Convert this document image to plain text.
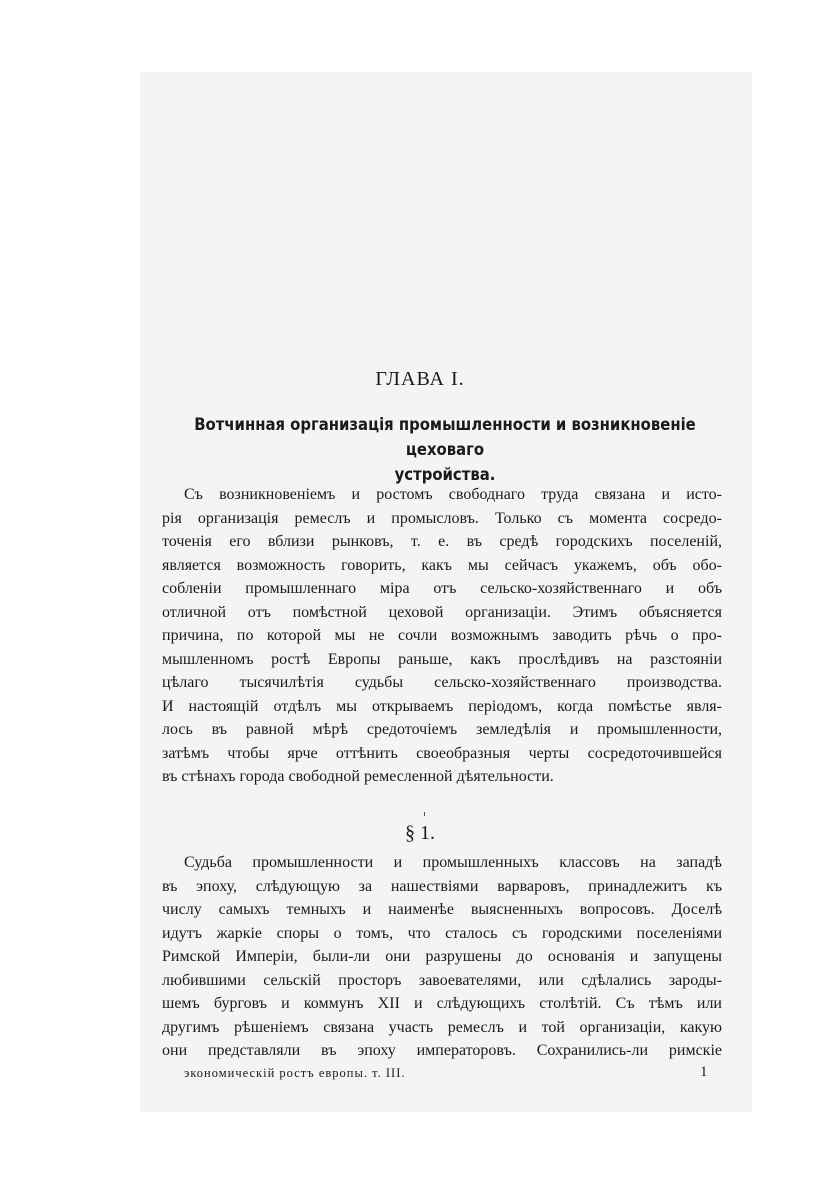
ГЛАВА I.
Вотчинная организація промышленности и возникновеніе цеховаго
устройства.
Съ возникновеніемъ и ростомъ свободнаго труда связана и исто-
рія организація ремеслъ и промысловъ. Только съ момента сосредо-
точенія его вблизи рынковъ, т. е. въ средѣ городскихъ поселеній,
является возможность говорить, какъ мы сейчасъ укажемъ, объ обо-
собленіи промышленнаго міра отъ сельско-хозяйственнаго и объ
отличной отъ помѣстной цеховой организаціи. Этимъ объясняется
причина, по которой мы не сочли возможнымъ заводить рѣчь о про-
мышленномъ ростѣ Европы раньше, какъ прослѣдивъ на разстояніи
цѣлаго тысячилѣтія судьбы сельско-хозяйственнаго производства.
И настоящій отдѣлъ мы открываемъ періодомъ, когда помѣстье явля-
лось въ равной мѣрѣ средоточіемъ земледѣлія и промышленности,
затѣмъ чтобы ярче оттѣнить своеобразныя черты сосредоточившейся
въ стѣнахъ города свободной ремесленной дѣятельности.
§ 1.
Судьба промышленности и промышленныхъ классовъ на западѣ
въ эпоху, слѣдующую за нашествіями варваровъ, принадлежитъ къ
числу самыхъ темныхъ и наименѣе выясненныхъ вопросовъ. Доселѣ
идутъ жаркіе споры о томъ, что сталось съ городскими поселеніями
Римской Имперіи, были-ли они разрушены до основанія и запущены
любившими сельскій просторъ завоевателями, или сдѣлались зароды-
шемъ бурговъ и коммунъ XII и слѣдующихъ столѣтій. Съ тѣмъ или
другимъ рѣшеніемъ связана участь ремеслъ и той организаціи, какую
они представляли въ эпоху императоровъ. Сохранились-ли римскіе
экономическій ростъ европы. т. III.	1
